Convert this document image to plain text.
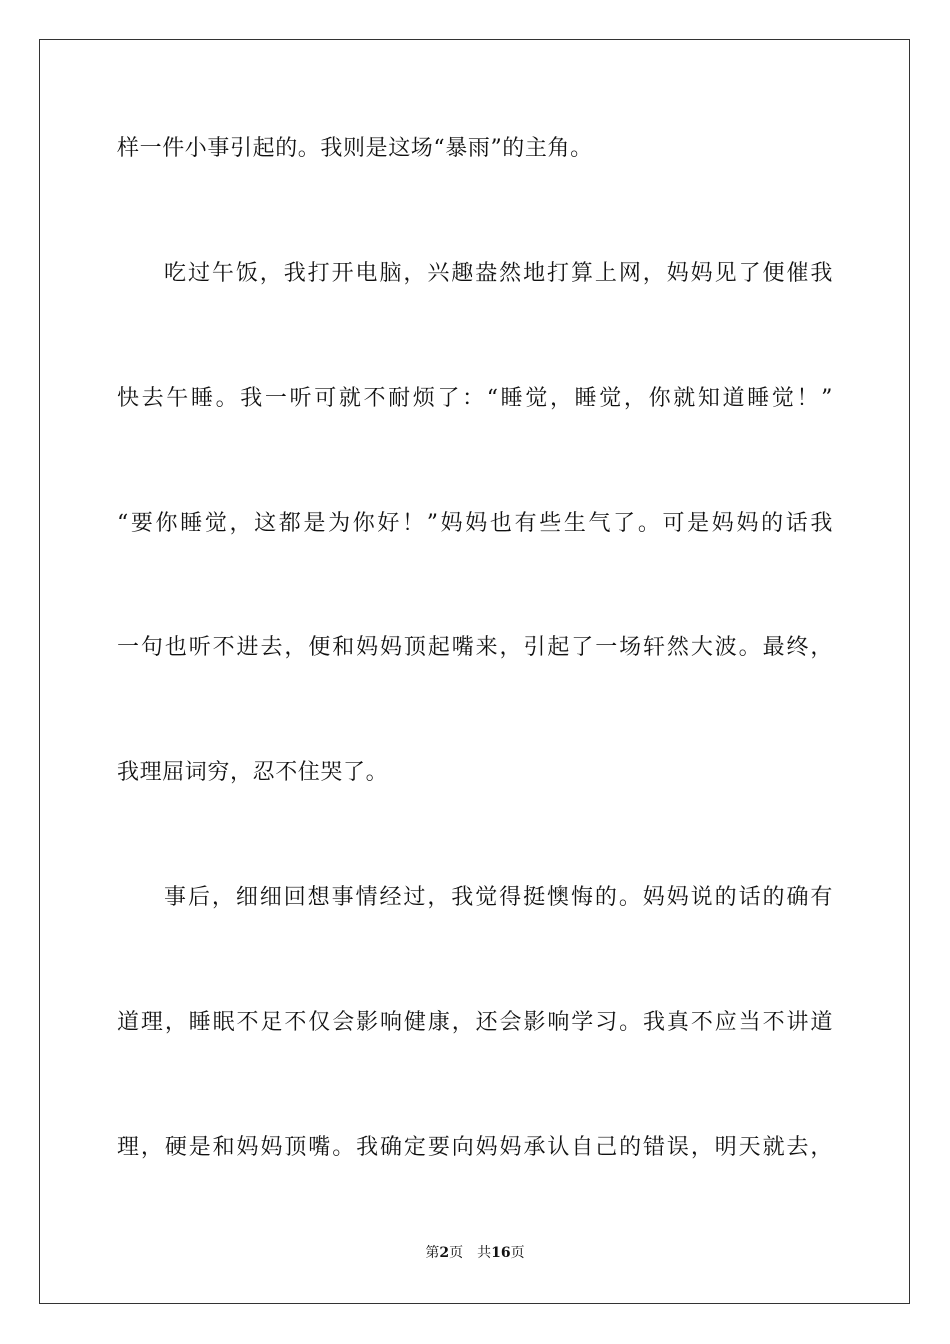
样一件小事引起的。我则是这场“暴雨”的主角。
吃过午饭，我打开电脑，兴趣盎然地打算上网，妈妈见了便催我
快去午睡。我一听可就不耐烦了：“睡觉，睡觉，你就知道睡觉！”
“要你睡觉，这都是为你好！”妈妈也有些生气了。可是妈妈的话我
一句也听不进去，便和妈妈顶起嘴来，引起了一场轩然大波。最终，
我理屈词穷，忍不住哭了。
事后，细细回想事情经过，我觉得挺懊悔的。妈妈说的话的确有
道理，睡眠不足不仅会影响健康，还会影响学习。我真不应当不讲道
理，硬是和妈妈顶嘴。我确定要向妈妈承认自己的错误，明天就去，
第2页 共16页
